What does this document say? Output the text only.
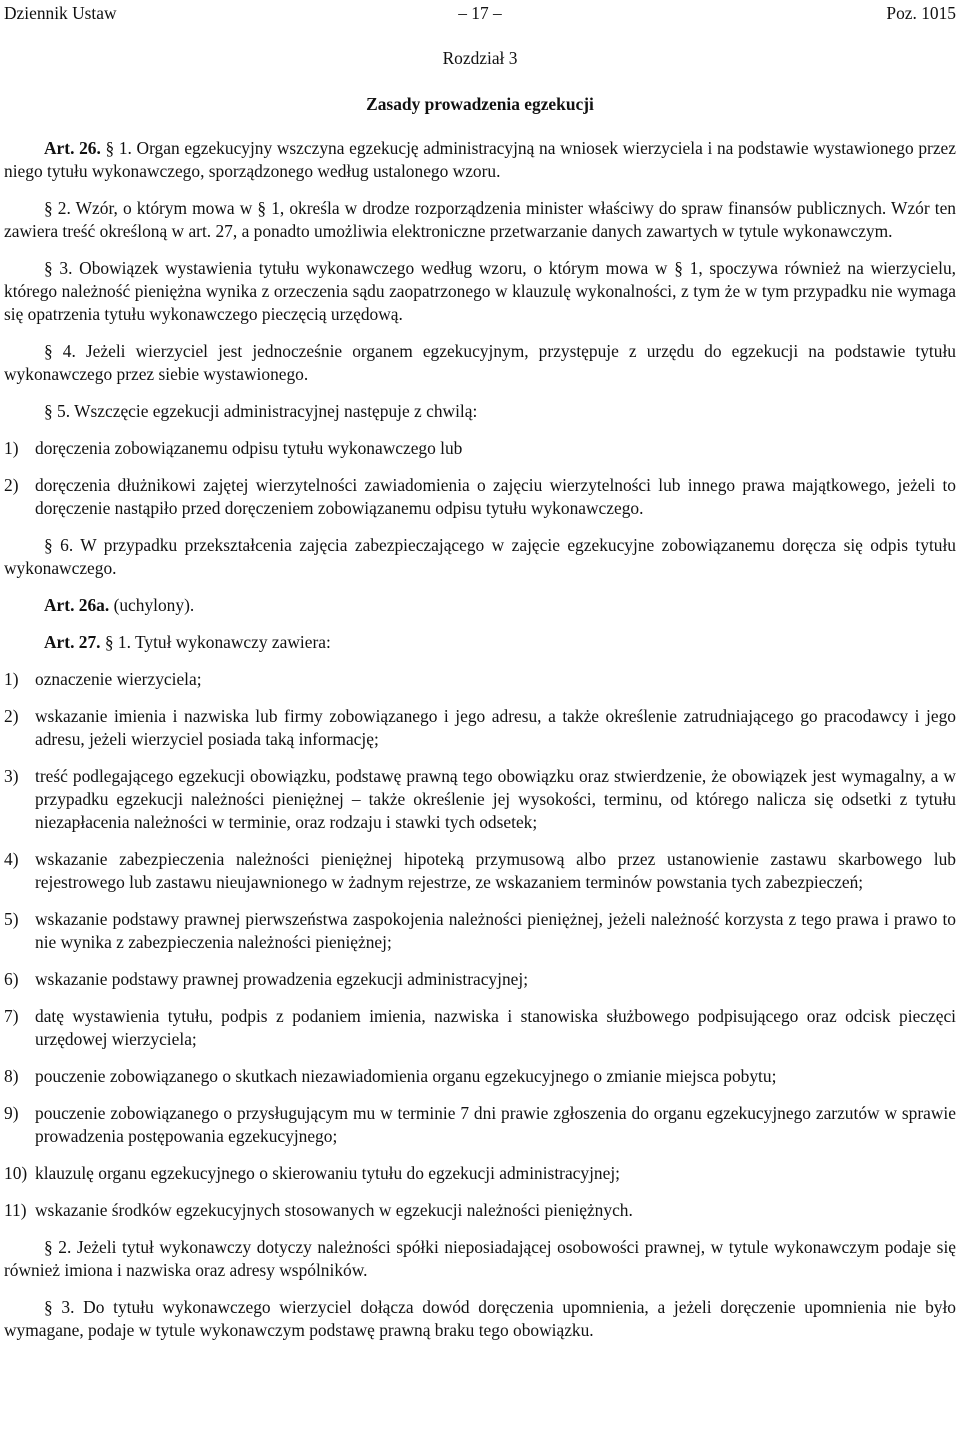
Dziennik Ustaw	– 17 –	Poz. 1015
Rozdział 3
Zasady prowadzenia egzekucji

Art. 26. § 1. Organ egzekucyjny wszczyna egzekucję administracyjną na wniosek wierzyciela i na podstawie wystawionego przez niego tytułu wykonawczego, sporządzonego według ustalonego wzoru.

§ 2. Wzór, o którym mowa w § 1, określa w drodze rozporządzenia minister właściwy do spraw finansów publicznych. Wzór ten zawiera treść określoną w art. 27, a ponadto umożliwia elektroniczne przetwarzanie danych zawartych w tytule wykonawczym.

§ 3. Obowiązek wystawienia tytułu wykonawczego według wzoru, o którym mowa w § 1, spoczywa również na wierzycielu, którego należność pieniężna wynika z orzeczenia sądu zaopatrzonego w klauzulę wykonalności, z tym że w tym przypadku nie wymaga się opatrzenia tytułu wykonawczego pieczęcią urzędową.

§ 4. Jeżeli wierzyciel jest jednocześnie organem egzekucyjnym, przystępuje z urzędu do egzekucji na podstawie tytułu wykonawczego przez siebie wystawionego.

§ 5. Wszczęcie egzekucji administracyjnej następuje z chwilą:

1) doręczenia zobowiązanemu odpisu tytułu wykonawczego lub

2) doręczenia dłużnikowi zajętej wierzytelności zawiadomienia o zajęciu wierzytelności lub innego prawa majątkowego, jeżeli to doręczenie nastąpiło przed doręczeniem zobowiązanemu odpisu tytułu wykonawczego.

§ 6. W przypadku przekształcenia zajęcia zabezpieczającego w zajęcie egzekucyjne zobowiązanemu doręcza się odpis tytułu wykonawczego.

Art. 26a. (uchylony).

Art. 27. § 1. Tytuł wykonawczy zawiera:

1) oznaczenie wierzyciela;

2) wskazanie imienia i nazwiska lub firmy zobowiązanego i jego adresu, a także określenie zatrudniającego go pracodawcy i jego adresu, jeżeli wierzyciel posiada taką informację;

3) treść podlegającego egzekucji obowiązku, podstawę prawną tego obowiązku oraz stwierdzenie, że obowiązek jest wymagalny, a w przypadku egzekucji należności pieniężnej – także określenie jej wysokości, terminu, od którego nalicza się odsetki z tytułu niezapłacenia należności w terminie, oraz rodzaju i stawki tych odsetek;

4) wskazanie zabezpieczenia należności pieniężnej hipoteką przymusową albo przez ustanowienie zastawu skarbowego lub rejestrowego lub zastawu nieujawnionego w żadnym rejestrze, ze wskazaniem terminów powstania tych zabezpieczeń;

5) wskazanie podstawy prawnej pierwszeństwa zaspokojenia należności pieniężnej, jeżeli należność korzysta z tego prawa i prawo to nie wynika z zabezpieczenia należności pieniężnej;

6) wskazanie podstawy prawnej prowadzenia egzekucji administracyjnej;

7) datę wystawienia tytułu, podpis z podaniem imienia, nazwiska i stanowiska służbowego podpisującego oraz odcisk pieczęci urzędowej wierzyciela;

8) pouczenie zobowiązanego o skutkach niezawiadomienia organu egzekucyjnego o zmianie miejsca pobytu;

9) pouczenie zobowiązanego o przysługującym mu w terminie 7 dni prawie zgłoszenia do organu egzekucyjnego zarzutów w sprawie prowadzenia postępowania egzekucyjnego;

10) klauzulę organu egzekucyjnego o skierowaniu tytułu do egzekucji administracyjnej;

11) wskazanie środków egzekucyjnych stosowanych w egzekucji należności pieniężnych.

§ 2. Jeżeli tytuł wykonawczy dotyczy należności spółki nieposiadającej osobowości prawnej, w tytule wykonawczym podaje się również imiona i nazwiska oraz adresy wspólników.

§ 3. Do tytułu wykonawczego wierzyciel dołącza dowód doręczenia upomnienia, a jeżeli doręczenie upomnienia nie było wymagane, podaje w tytule wykonawczym podstawę prawną braku tego obowiązku.
